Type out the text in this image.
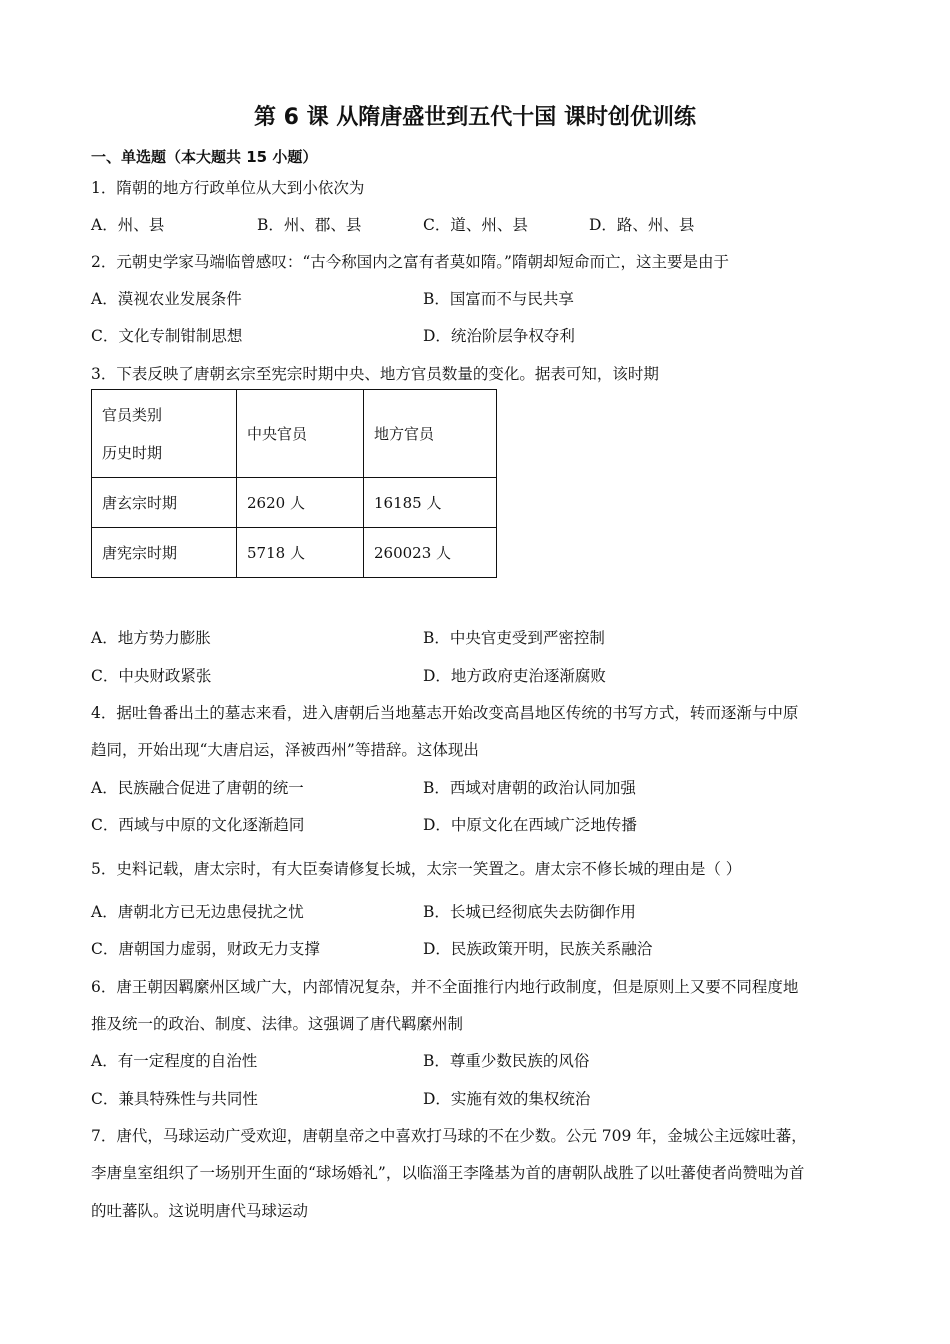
第 6 课 从隋唐盛世到五代十国 课时创优训练
一、单选题（本大题共 15 小题）
1．隋朝的地方行政单位从大到小依次为
A．州、县	B．州、郡、县	C．道、州、县	D．路、州、县
2．元朝史学家马端临曾感叹：“古今称国内之富有者莫如隋。”隋朝却短命而亡，这主要是由于
A．漠视农业发展条件	B．国富而不与民共享
C．文化专制钳制思想	D．统治阶层争权夺利
3．下表反映了唐朝玄宗至宪宗时期中央、地方官员数量的变化。据表可知，该时期
官员类别
历史时期	中央官员	地方官员
唐玄宗时期	2620 人	16185 人
唐宪宗时期	5718 人	260023 人
A．地方势力膨胀	B．中央官吏受到严密控制
C．中央财政紧张	D．地方政府吏治逐渐腐败
4．据吐鲁番出土的墓志来看，进入唐朝后当地墓志开始改变高昌地区传统的书写方式，转而逐渐与中原
趋同，开始出现“大唐启运，泽被西州”等措辞。这体现出
A．民族融合促进了唐朝的统一	B．西域对唐朝的政治认同加强
C．西域与中原的文化逐渐趋同	D．中原文化在西域广泛地传播
5．史料记载，唐太宗时，有大臣奏请修复长城，太宗一笑置之。唐太宗不修长城的理由是（ ）
A．唐朝北方已无边患侵扰之忧	B．长城已经彻底失去防御作用
C．唐朝国力虚弱，财政无力支撑	D．民族政策开明，民族关系融洽
6．唐王朝因羁縻州区域广大，内部情况复杂，并不全面推行内地行政制度，但是原则上又要不同程度地
推及统一的政治、制度、法律。这强调了唐代羁縻州制
A．有一定程度的自治性	B．尊重少数民族的风俗
C．兼具特殊性与共同性	D．实施有效的集权统治
7．唐代，马球运动广受欢迎，唐朝皇帝之中喜欢打马球的不在少数。公元 709 年，金城公主远嫁吐蕃，
李唐皇室组织了一场别开生面的“球场婚礼”，以临淄王李隆基为首的唐朝队战胜了以吐蕃使者尚赞咄为首
的吐蕃队。这说明唐代马球运动
